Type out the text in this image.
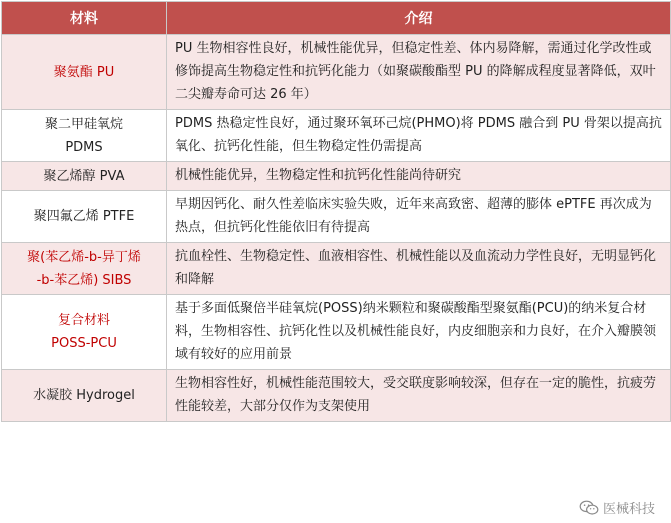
材料	介绍

聚氨酯 PU	PU 生物相容性良好，机械性能优异，但稳定性差、体内易降解，需通过化学改性或修饰提高生物稳定性和抗钙化能力（如聚碳酸酯型 PU 的降解成程度显著降低，双叶二尖瓣寿命可达 26 年）

聚二甲硅氧烷
PDMS	PDMS 热稳定性良好，通过聚环氧环己烷(PHMO)将 PDMS 融合到 PU 骨架以提高抗氧化、抗钙化性能，但生物稳定性仍需提高

聚乙烯醇 PVA	机械性能优异，生物稳定性和抗钙化性能尚待研究

聚四氟乙烯 PTFE	早期因钙化、耐久性差临床实验失败，近年来高致密、超薄的膨体 ePTFE 再次成为热点，但抗钙化性能依旧有待提高

聚(苯乙烯-b-异丁烯
-b-苯乙烯) SIBS	抗血栓性、生物稳定性、血液相容性、机械性能以及血流动力学性良好，无明显钙化和降解

复合材料
POSS-PCU	基于多面低聚倍半硅氧烷(POSS)纳米颗粒和聚碳酸酯型聚氨酯(PCU)的纳米复合材料，生物相容性、抗钙化性以及机械性能良好，内皮细胞亲和力良好，在介入瓣膜领域有较好的应用前景

水凝胶 Hydrogel	生物相容性好，机械性能范围较大，受交联度影响较深，但存在一定的脆性，抗疲劳性能较差，大部分仅作为支架使用
医械科技
